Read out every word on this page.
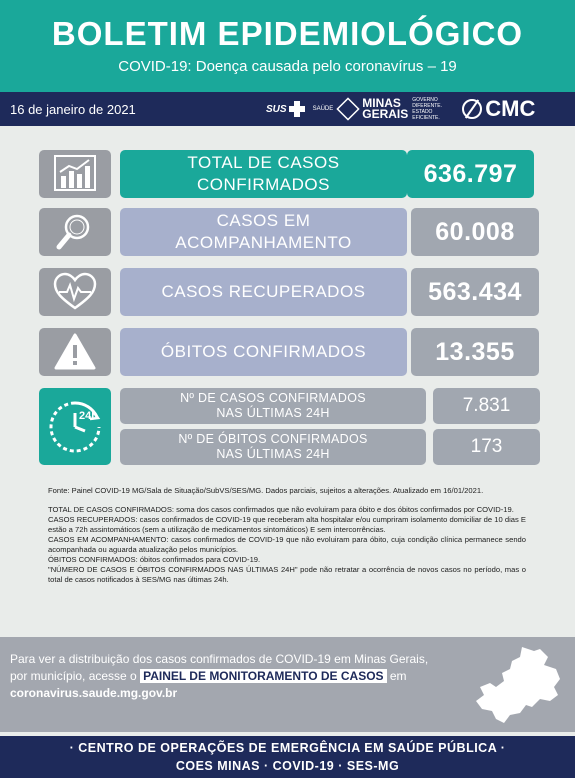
BOLETIM EPIDEMIOLÓGICO
COVID-19: Doença causada pelo coronavírus – 19
16 de janeiro de 2021	SUS	SAÚDE MINAS
GERAIS
GOVERNO DIFERENTE. ESTADO EFICIENTE.	CMC
TOTAL DE CASOS
CONFIRMADOS	636.797
CASOS EM
ACOMPANHAMENTO	60.008
CASOS RECUPERADOS	563.434
ÓBITOS CONFIRMADOS	13.355
24h
Nº DE CASOS CONFIRMADOS
NAS ÚLTIMAS 24H	7.831
Nº DE ÓBITOS CONFIRMADOS
NAS ÚLTIMAS 24H	173

Fonte: Painel COVID-19 MG/Sala de Situação/SubVS/SES/MG. Dados parciais, sujeitos a alterações. Atualizado em 16/01/2021.

TOTAL DE CASOS CONFIRMADOS: soma dos casos confirmados que não evoluiram para óbito e dos óbitos confirmados por COVID-19.

CASOS RECUPERADOS: casos confirmados de COVID-19 que receberam alta hospitalar e/ou cumpriram isolamento domiciliar de 10 dias E estão a 72h assintomáticos (sem a utilização de medicamentos sintomáticos) E sem intercorrências.

CASOS EM ACOMPANHAMENTO: casos confirmados de COVID-19 que não evoluiram para óbito, cuja condição clínica permanece sendo acompanhada ou aguarda atualização pelos municípios.

ÓBITOS CONFIRMADOS: óbitos confirmados para COVID-19.

"NÚMERO DE CASOS E ÓBITOS CONFIRMADOS NAS ÚLTIMAS 24H" pode não retratar a ocorrência de novos casos no período, mas o total de casos notificados à SES/MG nas últimas 24h.

Para ver a distribuição dos casos confirmados de COVID-19 em Minas Gerais, por município, acesse o PAINEL DE MONITORAMENTO DE CASOS em coronavirus.saude.mg.gov.br
· CENTRO DE OPERAÇÕES DE EMERGÊNCIA EM SAÚDE PÚBLICA ·
COES MINAS · COVID-19 · SES-MG
